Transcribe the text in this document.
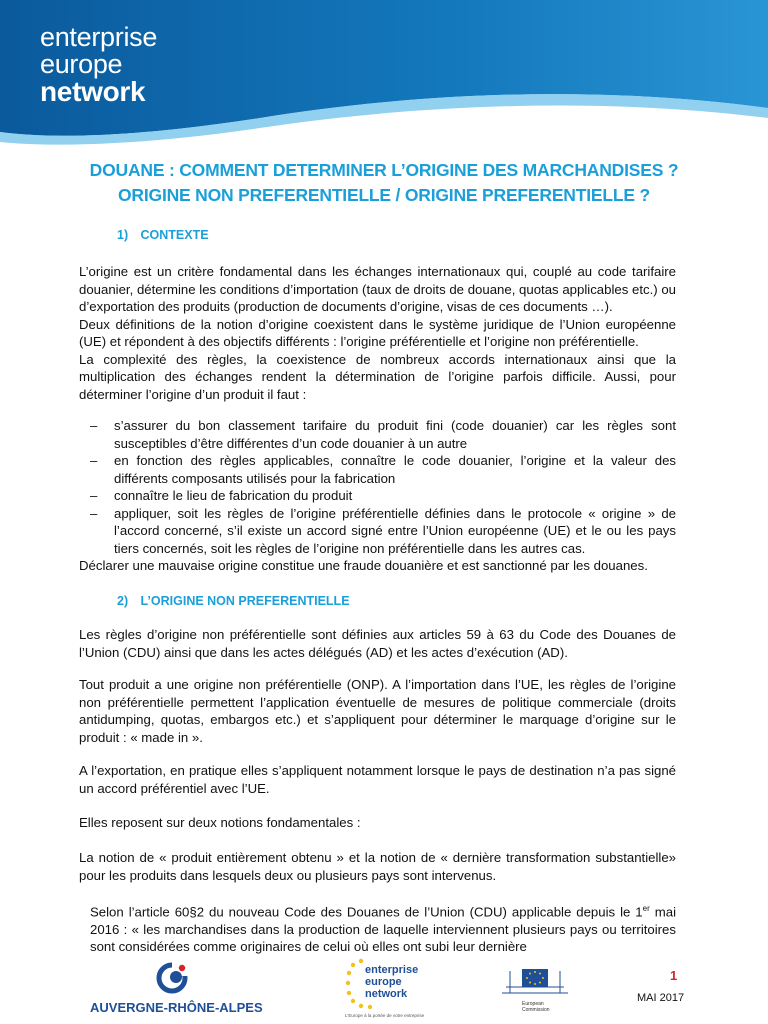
enterprise
europe
network
DOUANE : COMMENT DETERMINER L’ORIGINE DES MARCHANDISES ?
ORIGINE NON PREFERENTIELLE / ORIGINE PREFERENTIELLE ?
1) CONTEXTE

L’origine est un critère fondamental dans les échanges internationaux qui, couplé au code tarifaire douanier, détermine les conditions d’importation (taux de droits de douane, quotas applicables etc.) ou d’exportation des produits (production de documents d’origine, visas de ces documents …).

Deux définitions de la notion d’origine coexistent dans le système juridique de l’Union européenne (UE) et répondent à des objectifs différents : l’origine préférentielle et l’origine non préférentielle.

La complexité des règles, la coexistence de nombreux accords internationaux ainsi que la multiplication des échanges rendent la détermination de l’origine parfois difficile. Aussi, pour déterminer l’origine d’un produit il faut :

– s’assurer du bon classement tarifaire du produit fini (code douanier) car les règles sont susceptibles d’être différentes d’un code douanier à un autre
– en fonction des règles applicables, connaître le code douanier, l’origine et la valeur des différents composants utilisés pour la fabrication
– connaître le lieu de fabrication du produit
– appliquer, soit les règles de l’origine préférentielle définies dans le protocole « origine » de l’accord concerné, s’il existe un accord signé entre l’Union européenne (UE) et le ou les pays tiers concernés, soit les règles de l’origine non préférentielle dans les autres cas.
Déclarer une mauvaise origine constitue une fraude douanière et est sanctionné par les douanes.
2) L’ORIGINE NON PREFERENTIELLE
Les règles d’origine non préférentielle sont définies aux articles 59 à 63 du Code des Douanes de l’Union (CDU) ainsi que dans les actes délégués (AD) et les actes d’exécution (AD).
Tout produit a une origine non préférentielle (ONP). A l’importation dans l’UE, les règles de l’origine non préférentielle permettent l’application éventuelle de mesures de politique commerciale (droits antidumping, quotas, embargos etc.) et s’appliquent pour déterminer le marquage d’origine sur le produit : « made in ».
A l’exportation, en pratique elles s’appliquent notamment lorsque le pays de destination n’a pas signé un accord préférentiel avec l’UE.
Elles reposent sur deux notions fondamentales :
La notion de « produit entièrement obtenu » et la notion de « dernière transformation substantielle» pour les produits dans lesquels deux ou plusieurs pays sont intervenus.
Selon l’article 60§2 du nouveau Code des Douanes de l’Union (CDU) applicable depuis le 1er mai 2016 : « les marchandises dans la production de laquelle interviennent plusieurs pays ou territoires sont considérées comme originaires de celui où elles ont subi leur dernière
AUVERGNE-RHÔNE-ALPES
enterprise
europe
network
L'Europe à la portée de votre entreprise
European
Commission
1
MAI 2017
